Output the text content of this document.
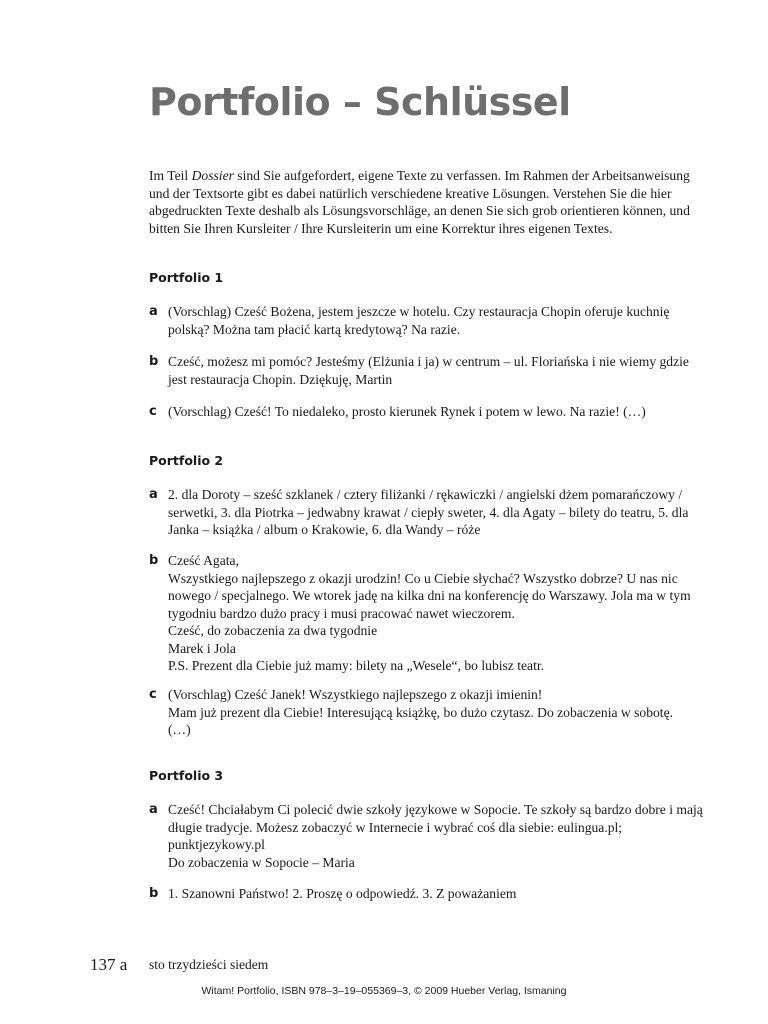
Portfolio – Schlüssel

Im Teil Dossier sind Sie aufgefordert, eigene Texte zu verfassen. Im Rahmen der Arbeitsanweisung und der Textsorte gibt es dabei natürlich verschiedene kreative Lösungen. Verstehen Sie die hier abgedruckten Texte deshalb als Lösungsvorschläge, an denen Sie sich grob orientieren können, und bitten Sie Ihren Kursleiter / Ihre Kursleiterin um eine Korrektur ihres eigenen Textes.

Portfolio 1
a (Vorschlag) Cześć Bożena, jestem jeszcze w hotelu. Czy restauracja Chopin oferuje kuchnię polską? Można tam płacić kartą kredytową? Na razie.
b Cześć, możesz mi pomóc? Jesteśmy (Elżunia i ja) w centrum – ul. Floriańska i nie wiemy gdzie jest restauracja Chopin. Dziękuję, Martin
c (Vorschlag) Cześć! To niedaleko, prosto kierunek Rynek i potem w lewo. Na razie! (…)
Portfolio 2
a 2. dla Doroty – sześć szklanek / cztery filiżanki / rękawiczki / angielski dżem pomarańczowy / serwetki, 3. dla Piotrka – jedwabny krawat / ciepły sweter, 4. dla Agaty – bilety do teatru, 5. dla Janka – książka / album o Krakowie, 6. dla Wandy – róże
b Cześć Agata,
Wszystkiego najlepszego z okazji urodzin! Co u Ciebie słychać? Wszystko dobrze? U nas nic nowego / specjalnego. We wtorek jadę na kilka dni na konferencję do Warszawy. Jola ma w tym tygodniu bardzo dużo pracy i musi pracować nawet wieczorem.
Cześć, do zobaczenia za dwa tygodnie
Marek i Jola
P.S. Prezent dla Ciebie już mamy: bilety na „Wesele“, bo lubisz teatr.
c (Vorschlag) Cześć Janek! Wszystkiego najlepszego z okazji imienin!
Mam już prezent dla Ciebie! Interesującą książkę, bo dużo czytasz. Do zobaczenia w sobotę.
(…)
Portfolio 3
a Cześć! Chciałabym Ci polecić dwie szkoły językowe w Sopocie. Te szkoły są bardzo dobre i mają długie tradycje. Możesz zobaczyć w Internecie i wybrać coś dla siebie: eulingua.pl; punktjezykowy.pl
Do zobaczenia w Sopocie – Maria
b 1. Szanowni Państwo! 2. Proszę o odpowiedź. 3. Z poważaniem
137 a sto trzydzieści siedem
Witam! Portfolio, ISBN 978–3–19–055369–3, © 2009 Hueber Verlag, Ismaning
